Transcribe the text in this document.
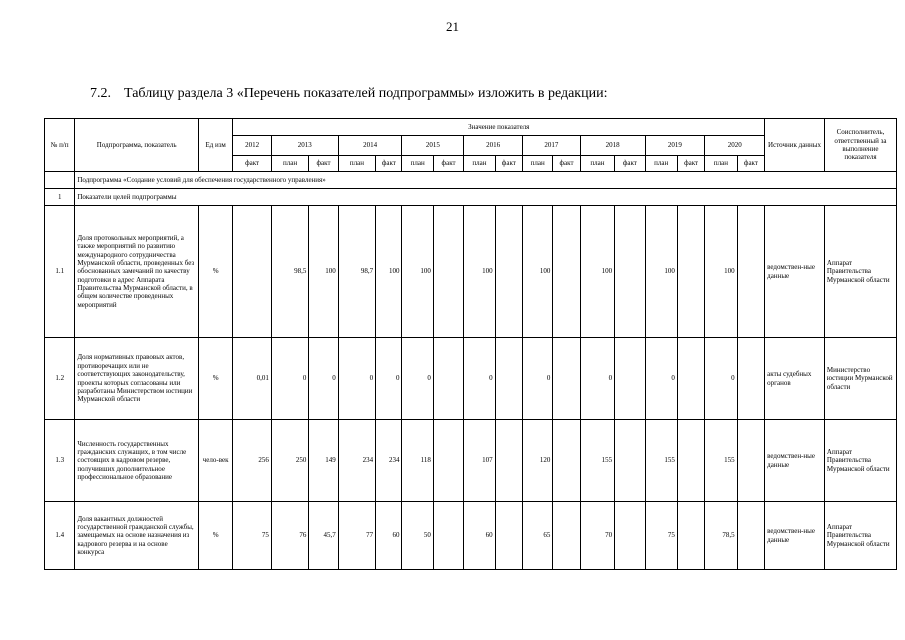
21
7.2. Таблицу раздела 3 «Перечень показателей подпрограммы» изложить в редакции:
№ п/п	Подпрограмма, показатель	Ед изм	Значение показателя																	Источник данных	Соисполнитель, ответственный за выполнение показателя
			2012	2013		2014		2015		2016		2017		2018		2019		2020			
			факт	план	факт	план	факт	план	факт	план	факт	план	факт	план	факт	план	факт	план	факт		
	Подпрограмма «Создание условий для обеспечения государственного управления»																				
1	Показатели целей подпрограммы																				
1.1	Доля протокольных мероприятий, а также мероприятий по развитию международного сотрудничества Мурманской области, проведенных без обоснованных замечаний по качеству подготовки в адрес Аппарата Правительства Мурманской области, в общем количестве проведенных мероприятий	%		98,5	100	98,7	100	100		100		100		100		100		100		ведомствен-ные данные	Аппарат Правительства Мурманской области
1.2	Доля нормативных правовых актов, противоречащих или не соответствующих законодательству, проекты которых согласованы или разработаны Министерством юстиции Мурманской области	%	0,01	0	0	0	0	0		0		0		0		0		0		акты судебных органов	Министерство юстиции Мурманской области
1.3	Численность государственных гражданских служащих, в том числе состоящих в кадровом резерве, получивших дополнительное профессиональное образование	чело-век	256	250	149	234	234	118		107		120		155		155		155		ведомствен-ные данные	Аппарат Правительства Мурманской области
1.4	Доля вакантных должностей государственной гражданской службы, замещаемых на основе назначения из кадрового резерва и на основе конкурса	%	75	76	45,7	77	60	50		60		65		70		75		78,5		ведомствен-ные данные	Аппарат Правительства Мурманской области
